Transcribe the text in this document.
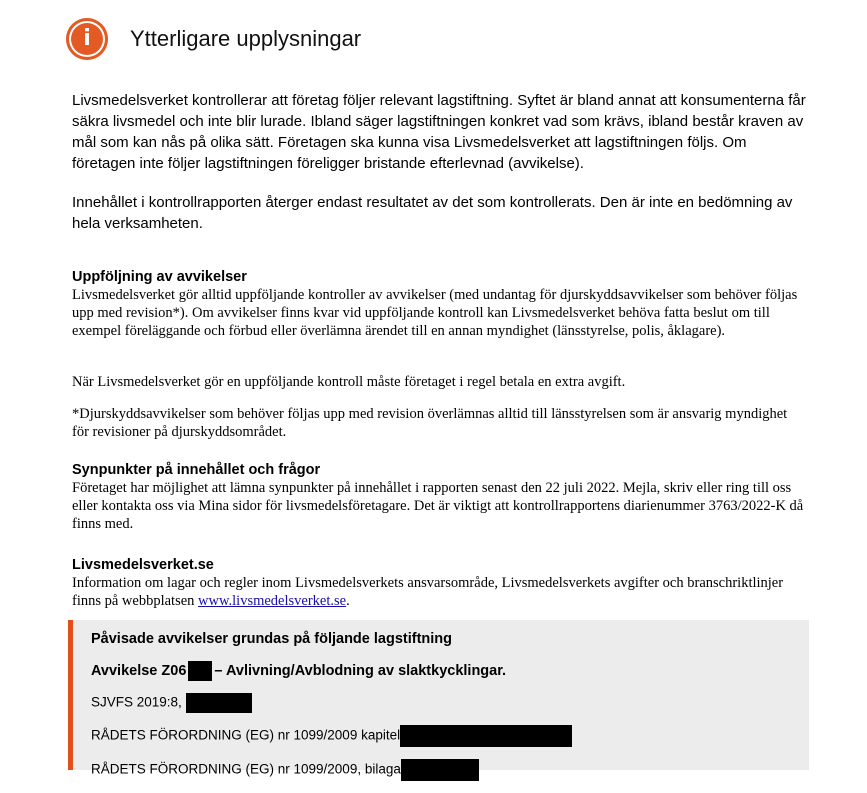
i Ytterligare upplysningar
Livsmedelsverket kontrollerar att företag följer relevant lagstiftning. Syftet är bland annat att konsumenterna får säkra livsmedel och inte blir lurade. Ibland säger lagstiftningen konkret vad som krävs, ibland består kraven av mål som kan nås på olika sätt. Företagen ska kunna visa Livsmedelsverket att lagstiftningen följs. Om företagen inte följer lagstiftningen föreligger bristande efterlevnad (avvikelse).
Innehållet i kontrollrapporten återger endast resultatet av det som kontrollerats. Den är inte en bedömning av hela verksamheten.
Uppföljning av avvikelser
Livsmedelsverket gör alltid uppföljande kontroller av avvikelser (med undantag för djurskyddsavvikelser som behöver följas upp med revision*). Om avvikelser finns kvar vid uppföljande kontroll kan Livsmedelsverket behöva fatta beslut om till exempel föreläggande och förbud eller överlämna ärendet till en annan myndighet (länsstyrelse, polis, åklagare).
När Livsmedelsverket gör en uppföljande kontroll måste företaget i regel betala en extra avgift.
*Djurskyddsavvikelser som behöver följas upp med revision överlämnas alltid till länsstyrelsen som är ansvarig myndighet för revisioner på djurskyddsområdet.
Synpunkter på innehållet och frågor
Företaget har möjlighet att lämna synpunkter på innehållet i rapporten senast den 22 juli 2022. Mejla, skriv eller ring till oss eller kontakta oss via Mina sidor för livsmedelsföretagare. Det är viktigt att kontrollrapportens diarienummer 3763/2022-K då finns med.
Livsmedelsverket.se
Information om lagar och regler inom Livsmedelsverkets ansvarsområde, Livsmedelsverkets avgifter och branschriktlinjer finns på webbplatsen www.livsmedelsverket.se.
Påvisade avvikelser grundas på följande lagstiftning
Avvikelse Z06 – Avlivning/Avblodning av slaktkycklingar.
SJVFS 2019:8,
RÅDETS FÖRORDNING (EG) nr 1099/2009 kapitel
RÅDETS FÖRORDNING (EG) nr 1099/2009, bilaga
